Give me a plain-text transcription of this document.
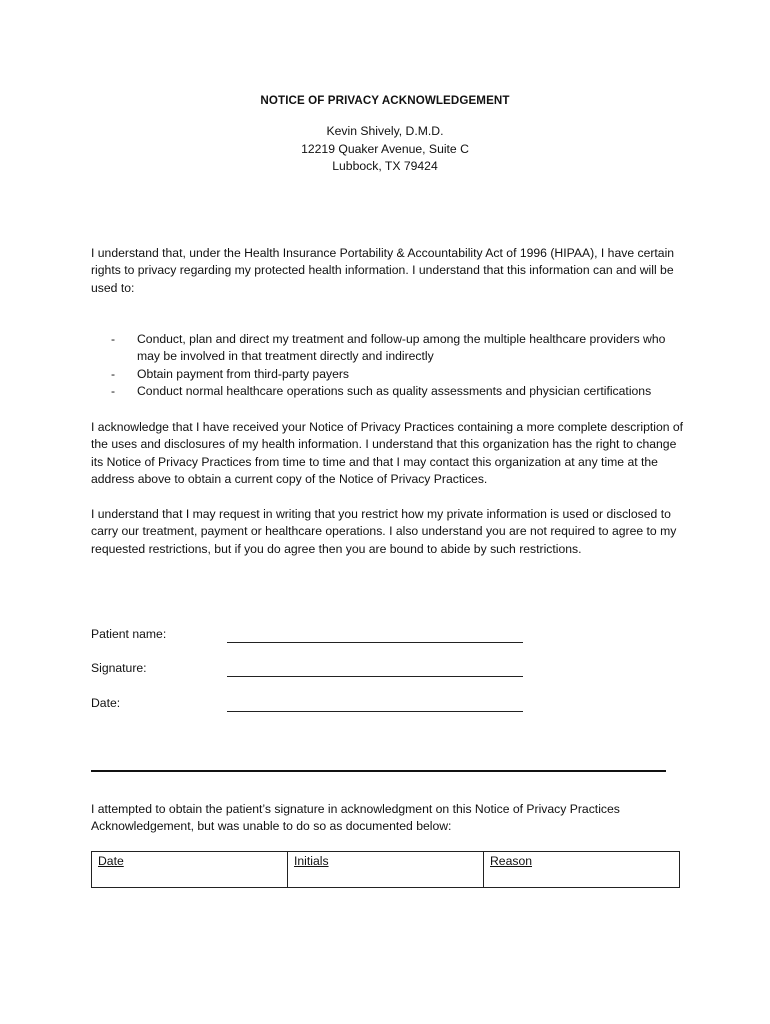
NOTICE OF PRIVACY ACKNOWLEDGEMENT
Kevin Shively, D.M.D.
12219 Quaker Avenue, Suite C
Lubbock, TX 79424
I understand that, under the Health Insurance Portability & Accountability Act of 1996 (HIPAA), I have certain rights to privacy regarding my protected health information. I understand that this information can and will be used to:
- Conduct, plan and direct my treatment and follow-up among the multiple healthcare providers who may be involved in that treatment directly and indirectly
- Obtain payment from third-party payers
- Conduct normal healthcare operations such as quality assessments and physician certifications
I acknowledge that I have received your Notice of Privacy Practices containing a more complete description of the uses and disclosures of my health information. I understand that this organization has the right to change its Notice of Privacy Practices from time to time and that I may contact this organization at any time at the address above to obtain a current copy of the Notice of Privacy Practices.
I understand that I may request in writing that you restrict how my private information is used or disclosed to carry our treatment, payment or healthcare operations. I also understand you are not required to agree to my requested restrictions, but if you do agree then you are bound to abide by such restrictions.
Patient name:
Signature:
Date:
I attempted to obtain the patient’s signature in acknowledgment on this Notice of Privacy Practices Acknowledgement, but was unable to do so as documented below:
Date	Initials	Reason
